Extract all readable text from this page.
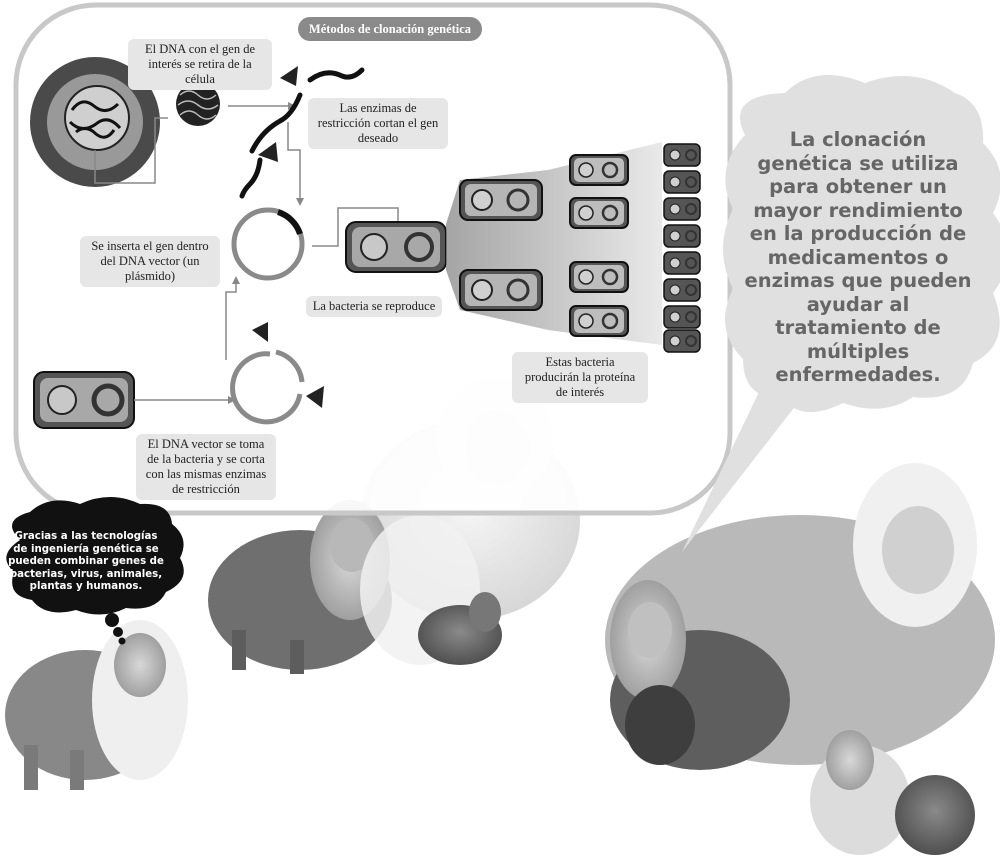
Métodos de clonación genética
El DNA con el gen de interés se retira de la célula
Las enzimas de restricción cortan el gen deseado
Se inserta el gen dentro del DNA vector (un plásmido)
La bacteria se reproduce
Estas bacteria producirán la proteína de interés
El DNA vector se toma de la bacteria y se corta con las mismas enzimas de restricción
La clonación genética se utiliza para obtener un mayor rendimiento en la producción de medicamentos o enzimas que pueden ayudar al tratamiento de múltiples enfermedades.
Gracias a las tecnologías de ingeniería genética se pueden combinar genes de bacterias, virus, animales, plantas y humanos.
